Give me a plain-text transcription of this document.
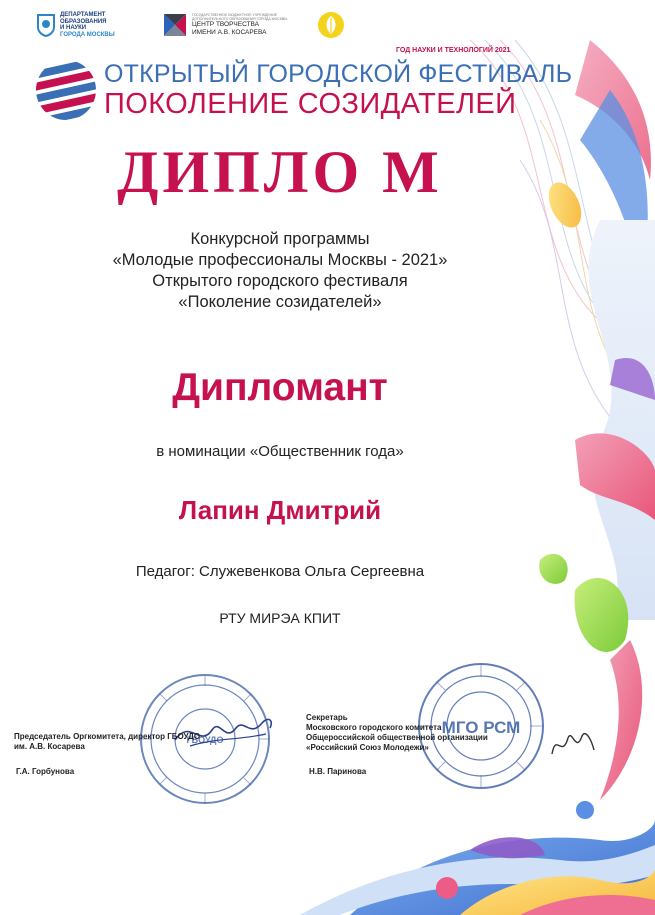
ДЕПАРТАМЕНТ
ОБРАЗОВАНИЯ
И НАУКИ
ГОРОДА МОСКВЫ
ГОСУДАРСТВЕННОЕ БЮДЖЕТНОЕ УЧРЕЖДЕНИЕ ДОПОЛНИТЕЛЬНОГО ОБРАЗОВАНИЯ ГОРОДА МОСКВЫ
ЦЕНТР ТВОРЧЕСТВА
ИМЕНИ А.В. КОСАРЕВА
ГОД НАУКИ И ТЕХНОЛОГИЙ 2021
ОТКРЫТЫЙ ГОРОДСКОЙ ФЕСТИВАЛЬ
ПОКОЛЕНИЕ СОЗИДАТЕЛЕЙ
ДИПЛО М
Конкурсной программы
«Молодые профессионалы Москвы - 2021»
Открытого городского фестиваля
«Поколение созидателей»
Дипломант
в номинации «Общественник года»
Лапин Дмитрий
Педагог: Служевенкова Ольга Сергеевна
РТУ МИРЭА КПИТ
ГБОУДО
МГО РСМ
Председатель Оргкомитета, директор ГБОУДО им. А.В. Косарева
Г.А. Горбунова
Секретарь
Московского городского комитета
Общероссийской общественной организации
«Российский Союз Молодежи»
Н.В. Паринова
